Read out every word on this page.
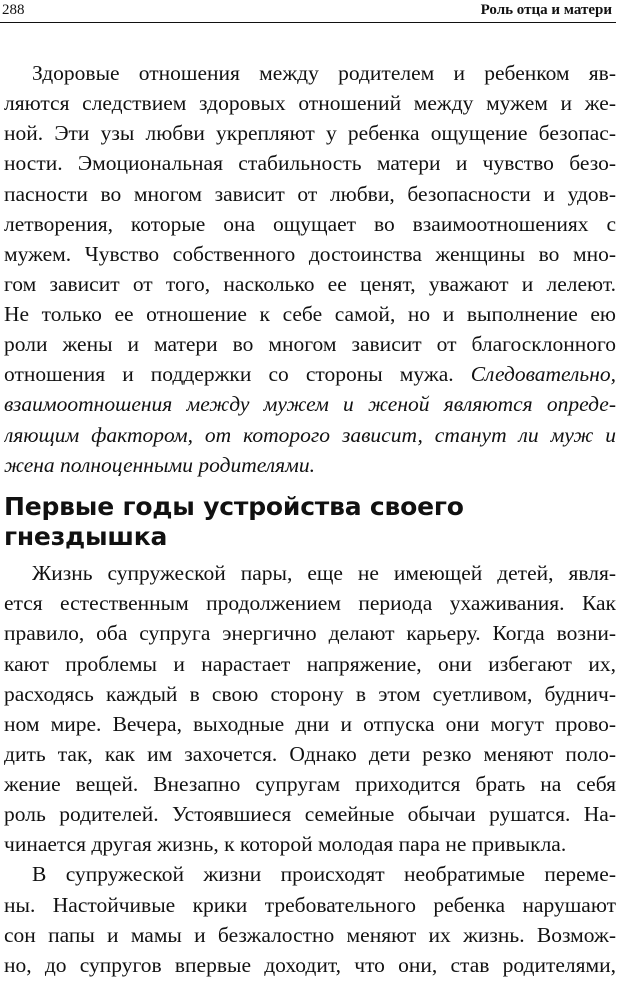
288	Роль отца и матери
Здоровые отношения между родителем и ребенком яв-
ляются следствием здоровых отношений между мужем и же-
ной. Эти узы любви укрепляют у ребенка ощущение безопас-
ности. Эмоциональная стабильность матери и чувство безо-
пасности во многом зависит от любви, безопасности и удов-
летворения, которые она ощущает во взаимоотношениях с
мужем. Чувство собственного достоинства женщины во мно-
гом зависит от того, насколько ее ценят, уважают и лелеют.
Не только ее отношение к себе самой, но и выполнение ею
роли жены и матери во многом зависит от благосклонного
отношения и поддержки со стороны мужа. Следовательно,
взаимоотношения между мужем и женой являются опреде-
ляющим фактором, от которого зависит, станут ли муж и
жена полноценными родителями.
Первые годы устройства своего
гнездышка
Жизнь супружеской пары, еще не имеющей детей, явля-
ется естественным продолжением периода ухаживания. Как
правило, оба супруга энергично делают карьеру. Когда возни-
кают проблемы и нарастает напряжение, они избегают их,
расходясь каждый в свою сторону в этом суетливом, буднич-
ном мире. Вечера, выходные дни и отпуска они могут прово-
дить так, как им захочется. Однако дети резко меняют поло-
жение вещей. Внезапно супругам приходится брать на себя
роль родителей. Устоявшиеся семейные обычаи рушатся. На-
чинается другая жизнь, к которой молодая пара не привыкла.
В супружеской жизни происходят необратимые переме-
ны. Настойчивые крики требовательного ребенка нарушают
сон папы и мамы и безжалостно меняют их жизнь. Возмож-
но, до супругов впервые доходит, что они, став родителями,
